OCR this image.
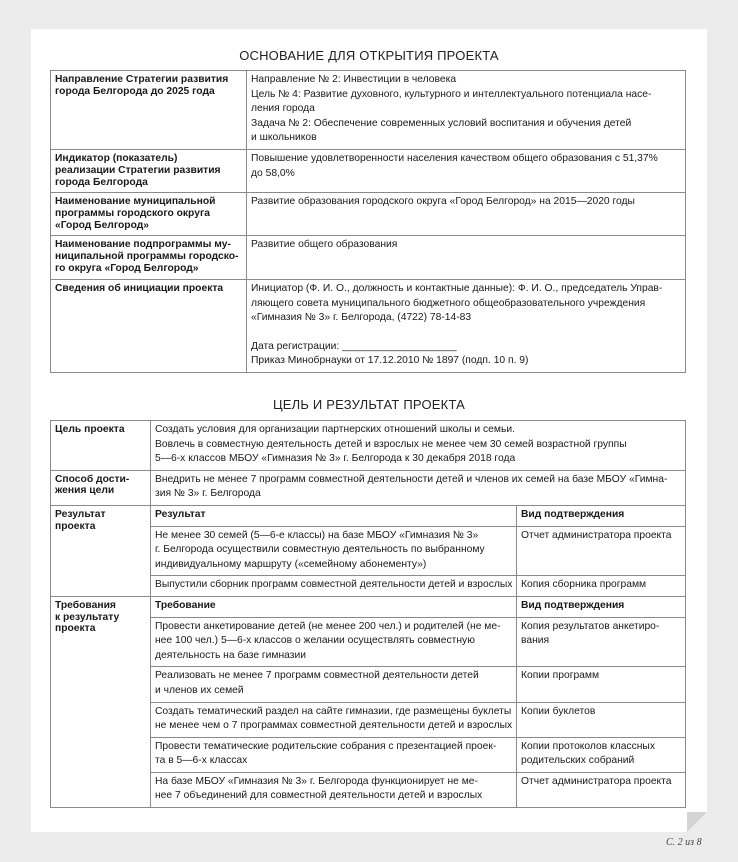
ОСНОВАНИЕ ДЛЯ ОТКРЫТИЯ ПРОЕКТА
Направление Стратегии развития
города Белгорода до 2025 года	Направление № 2: Инвестиции в человека
Цель № 4: Развитие духовного, культурного и интеллектуального потенциала насе-
ления города
Задача № 2: Обеспечение современных условий воспитания и обучения детей
и школьников

Индикатор (показатель)
реализации Стратегии развития
города Белгорода	Повышение удовлетворенности населения качеством общего образования с 51,37%
до 58,0%

Наименование муниципальной
программы городского округа
«Город Белгород»	Развитие образования городского округа «Город Белгород» на 2015—2020 годы

Наименование подпрограммы му-
ниципальной программы городско-
го округа «Город Белгород»	Развитие общего образования

Сведения об инициации проекта	Инициатор (Ф. И. О., должность и контактные данные): Ф. И. О., председатель Управ-
ляющего совета муниципального бюджетного общеобразовательного учреждения
«Гимназия № 3» г. Белгорода, (4722) 78-14-83
Дата регистрации: ____________________
Приказ Минобрнауки от 17.12.2010 № 1897 (подп. 10 п. 9)
ЦЕЛЬ И РЕЗУЛЬТАТ ПРОЕКТА
Цель проекта	Создать условия для организации партнерских отношений школы и семьи.
Вовлечь в совместную деятельность детей и взрослых не менее чем 30 семей возрастной группы
5—6-х классов МБОУ «Гимназия № 3» г. Белгорода к 30 декабря 2018 года	

Способ дости-
жения цели	Внедрить не менее 7 программ совместной деятельности детей и членов их семей на базе МБОУ «Гимна-
зия № 3» г. Белгорода	

Результат
проекта	Результат	Вид подтверждения

	Не менее 30 семей (5—6-е классы) на базе МБОУ «Гимназия № 3»
г. Белгорода осуществили совместную деятельность по выбранному
индивидуальному маршруту («семейному абонементу»)	Отчет администратора проекта

	Выпустили сборник программ совместной деятельности детей и взрослых	Копия сборника программ

Требования
к результату
проекта	Требование	Вид подтверждения

	Провести анкетирование детей (не менее 200 чел.) и родителей (не ме-
нее 100 чел.) 5—6-х классов о желании осуществлять совместную
деятельность на базе гимназии	Копия результатов анкетиро-
вания

	Реализовать не менее 7 программ совместной деятельности детей
и членов их семей	Копии программ

	Создать тематический раздел на сайте гимназии, где размещены буклеты
не менее чем о 7 программах совместной деятельности детей и взрослых	Копии буклетов

	Провести тематические родительские собрания с презентацией проек-
та в 5—6-х классах	Копии протоколов классных
родительских собраний

	На базе МБОУ «Гимназия № 3» г. Белгорода функционирует не ме-
нее 7 объединений для совместной деятельности детей и взрослых	Отчет администратора проекта
С. 2 из 8
